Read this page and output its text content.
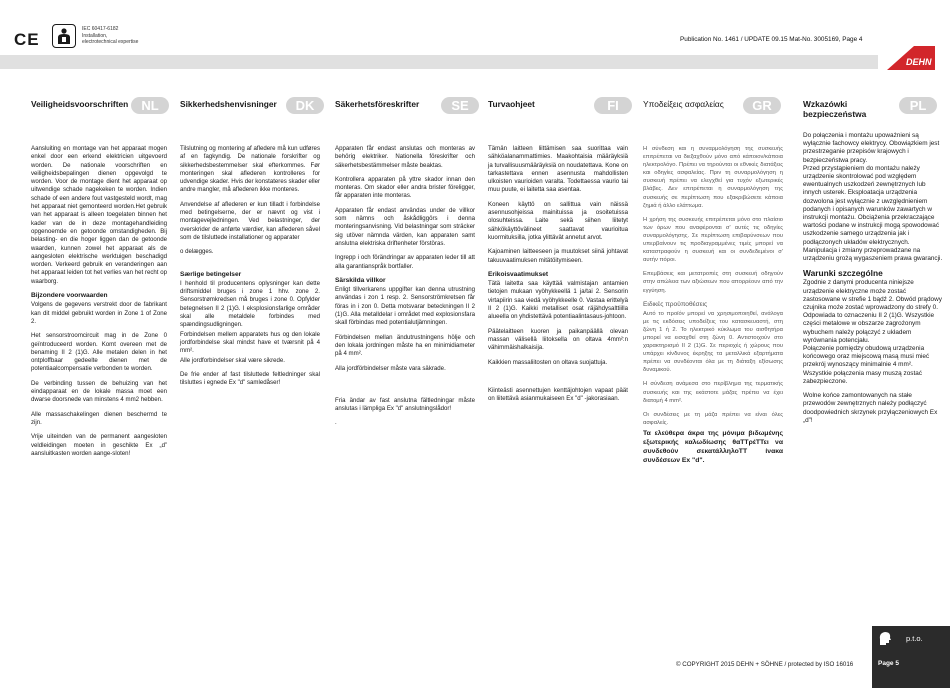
CE
IEC 60417-6182
Installation,
electrotechnical expertise	Publication No. 1461 / UPDATE 09.15 Mat-No. 3005169, Page 4
DEHN
Veiligheidsvoorschriften	NL	Sikkerhedshenvisninger	DK	Säkerhetsföreskrifter	SE	Turvaohjeet	FI	Υποδείξεις ασφαλείας	GR	Wzkazówki bezpieczeństwa
PL

Aansluiting en montage van het apparaat mogen enkel door een erkend elektricien uitgevoerd worden. De nationale voorschriften en veiligheidsbepalingen dienen opgevolgd te worden. Voor de montage dient het apparaat op uitwendige schade nagekeken te worden. Indien schade of een andere fout vastgesteld wordt, mag het apparaat niet gemonteerd worden.Het gebruik van het apparaat is alleen toegelaten binnen het kader van de in deze montagehandleiding opgenoemde en getoonde omstandigheden. Bij belasting- en die hoger liggen dan de getoonde waarden, kunnen zowel het apparaat als de aangesloten elektrische werktuigen beschadigd worden. Verkeerd gebruik en veranderingen aan het apparaat leiden tot het verlies van het recht op waarborg.

Bijzondere voorwaarden

Volgens de gegevens verstrekt door de fabrikant kan dit middel gebruikt worden in Zone 1 of Zone 2.

Het sensorstroomcircuit mag in de Zone 0 geïntroduceerd worden. Komt overeen met de benaming II 2 (1)G. Alle metalen delen in het ontploffbaar gedeelte dienen met de potentiaalcompensatie verbonden te worden.

De verbinding tussen de behuizing van het eindapparaat en de lokale massa moet een dwarse doorsnede van minstens 4 mm2 hebben.

Alle massaschakelingen dienen beschermd te zijn.

Vrije uiteinden van de permanent aangesloten veldleidingen moeten in geschikte Ex „d” aansluitkasten worden aange-sloten!

Tilslutning og montering af afledere må kun udføres af en fagkyndig. De nationale forskrifter og sikkerhedsbestemmelser skal efterkommes. Før monteringen skal aflederen kontrolleres for udvendige skader. Hvis der konstateres skader eller andre mangler, må aflederen ikke monteres.

Anvendelse af aflederen er kun tilladt i forbindelse med betingelserne, der er nævnt og vist i montagevejledningen. Ved belastninger, der overskrider de anførte værdier, kan aflederen såvel som de tilsluttede installationer og apparater

o delægges.

Særlige betingelser

I henhold til producentens oplysninger kan dette driftsmiddel bruges i zone 1 hhv. zone 2. Sensorstrømkredsen må bruges i zone 0. Opfylder betegnelsen II 2 (1)G. I eksplosionsfarlige områder skal alle metaldele forbindes med spændingsudligningen.

Forbindelsen mellem apparatets hus og den lokale jordforbindelse skal mindst have et tværsnit på 4 mm².

Alle jordforbindelser skal være sikrede.

De frie ender af fast tilsluttede feltledninger skal tilsluttes i egnede Ex "d" samledåser!

Apparaten får endast anslutas och monteras av behörig elektriker. Nationella föreskrifter och säkerhetsbestämmelser måste beaktas.

Kontrollera apparaten på yttre skador innan den monteras. Om skador eller andra brister föreligger, får apparaten inte monteras.

Apparaten får endast användas under de villkor som nämns och åskådliggörs i denna monteringsanvisning. Vid belastningar som sträcker sig utöver nämnda värden, kan apparaten samt anslutna elektriska driftenheter förstöras.

Ingrepp i och förändringar av apparaten leder till att alla garantianspråk bortfaller.

Särskilda villkor

Enligt tillverkarens uppgifter kan denna utrustning användas i zon 1 resp. 2. Sensorströmkretsen får föras in i zon 0. Detta motsvarar beteckningen II 2 (1)G. Alla metalldelar i området med explosionsfara skall förbindas med potentialutjämningen.

Förbindelsen mellan ändutrustningens hölje och den lokala jordningen måste ha en minimidiameter på 4 mm².

Alla jordförbindelser måste vara säkrade.

Fria ändar av fast anslutna fältledningar måste anslutas i lämpliga Ex "d" anslutningslådor!

.

Tämän laitteen liittämisen saa suorittaa vain sähköalanammattimies. Maakohtaisia määräyksiä ja turvallisuusmääräyksiä on noudatettava. Kone on tarkastettava ennen asennusta mahdollisten ulkoisten vaurioiden varalta. Todettaessa vaurio tai muu puute, ei laitetta saa asentaa.

Koneen käyttö on sallittua vain näissä asennusohjeissa mainituissa ja osoitetuissa olosuhteissa. Laite sekä siihen liitetyt sähkökäyttövälineet saattavat vaurioitua kuormituksilla, jotka ylittävät annetut arvot.

Kajoaminen laitteeseen ja muutokset siinä johtavat takuuvaatimuksen mitätöitymiseen.

Erikoisvaatimukset

Tätä laitetta saa käyttää valmistajan antamien tietojen mukaan vyöhykkeellä 1 ja/tai 2. Sensorin virtapiirin saa viedä vyöhykkeelle 0. Vastaa erittelyä II 2 (1)G. Kaikki metalliset osat räjähdysalttiilla alueella on yhdistettävä potentiaalintasaus-johtoon.

Päätelaitteen kuoren ja paikanpäällä olevan massan välisellä liitoksella on oltava 4mm²:n vähimmäishalkaisija.

Kaikkien massaliitosten on oltava suojattuja.

Kiinteästi asennettujen kenttäjohtojen vapaat päät on liitettävä asianmukaiseen Ex "d" -jakorasiaan.

Η σύνδεση και η συναρμολόγηση της συσκευής επιτρέπεται να διεξαχθούν μόνο από κάποιον/κάποια ηλεκτρολόγο. Πρέπει να τηρούνται οι εθνικές διατάξεις και οδηγίες ασφαλείας. Πριν τη συναρμολόγηση η συσκευή πρέπει να ελεγχθεί για τυχόν εξωτερικές βλάβες. Δεν επιτρέπεται η συναρμολόγηση της συσκευής σε περίπτωση που εξακριβώσετε κάποια ζημιά ή άλλο ελάττωμα.

Η χρήση της συσκευής επιτρέπεται μόνο στο πλαίσιο των όρων που αναφέρονται σ' αυτές τις οδηγίες συναρμολόγησης. Σε περίπτωση επιβαρύνσεων που υπερβαίνουν τις προδιαγραμμένες τιμές μπορεί να καταστραφούν η συσκευή και οι συνδεδεμένοι σ' αυτήν πόροι.

Επεμβάσεις και μετατροπές στη συσκευή οδηγούν στην απώλεια των αξιώσεων που απορρέουν από την εγγύηση.

Ειδικές προϋποθέσεις

Αυτό το προϊόν μπορεί να χρησιμοποιηθεί, ανάλογα με τις εκδόσεις υποδείξεις του κατασκευαστή, στη ζώνη 1 ή 2. Το ηλεκτρικό κύκλωμα του αισθητήρα μπορεί να εισαχθεί στη ζώνη 0. Αντιστοιχούν στο χαρακτηρισμό II 2 (1)G. Σε περιοχές ή χώρους που υπάρχει κίνδυνος έκρηξης τα μεταλλικά εξαρτήματα πρέπει να συνδέονται όλα με τη διάταξη εξίσωσης δυναμικού.

Η σύνδεση ανάμεσα στο περίβλημα της τερματικής συσκευής και της εκάστοτε μάζας πρέπει να έχει διατομή 4 mm².

Οι συνδέσεις με τη μάζα πρέπει να είναι όλες ασφαλείς.

Τα ελεύθερα άκρα της μόνιμα βιδωμένης εξωτερικής καλωδίωσης θαΤΤρέΤΤει να συνδεθούν σεκατάλληλοΤΤ ίνακα συνδέσεων Ex "d".

Do połączenia i montażu upoważnieni są wyłącznie fachowcy elektrycy. Obowiązkiem jest przestrzeganie przepisów krajowych i bezpieczeństwa pracy.

Przed przystąpieniem do montażu należy urządzenie skontrolować pod względem ewentualnych uszkodzeń zewnętrznych lub innych usterek. Eksploatacja urządzenia dozwolona jest wyłącznie z uwzględnieniem podanych i opisanych warunków zawartych w instrukcji montażu. Obciążenia przekraczające wartości podane w instrukcji mogą spowodować uszkodzenie samego urządzenia jak i podłączonych układów elektrycznych.

Manipulacja i zmiany przeprowadzane na urządzeniu grożą wygaszeniem prawa gwarancji.

Warunki szczególne

Zgodnie z danymi producenta niniejsze urządzenie elektryczne może zostać zastosowane w strefie 1 bądź 2. Obwód prądowy czujnika może zostać wprowadzony do strefy 0. Odpowiada to oznaczeniu II 2 (1)G. Wszystkie części metalowe w obszarze zagrożonym wybuchem należy połączyć z układem wyrównania potencjału.

Połączenie pomiędzy obudową urządzenia końcowego oraz miejscową masą musi mieć przekrój wynoszący minimalnie 4 mm².

Wszystkie połączenia masy muszą zostać zabezpieczone.

Wolne końce zamontowanych na stałe przewodów zewnętrznych należy podłączyć doodpowiednich skrzynek przyłączeniowych Ex „d”!

p.t.o.
Page 5
© COPYRIGHT 2015 DEHN + SÖHNE / protected by ISO 16016
